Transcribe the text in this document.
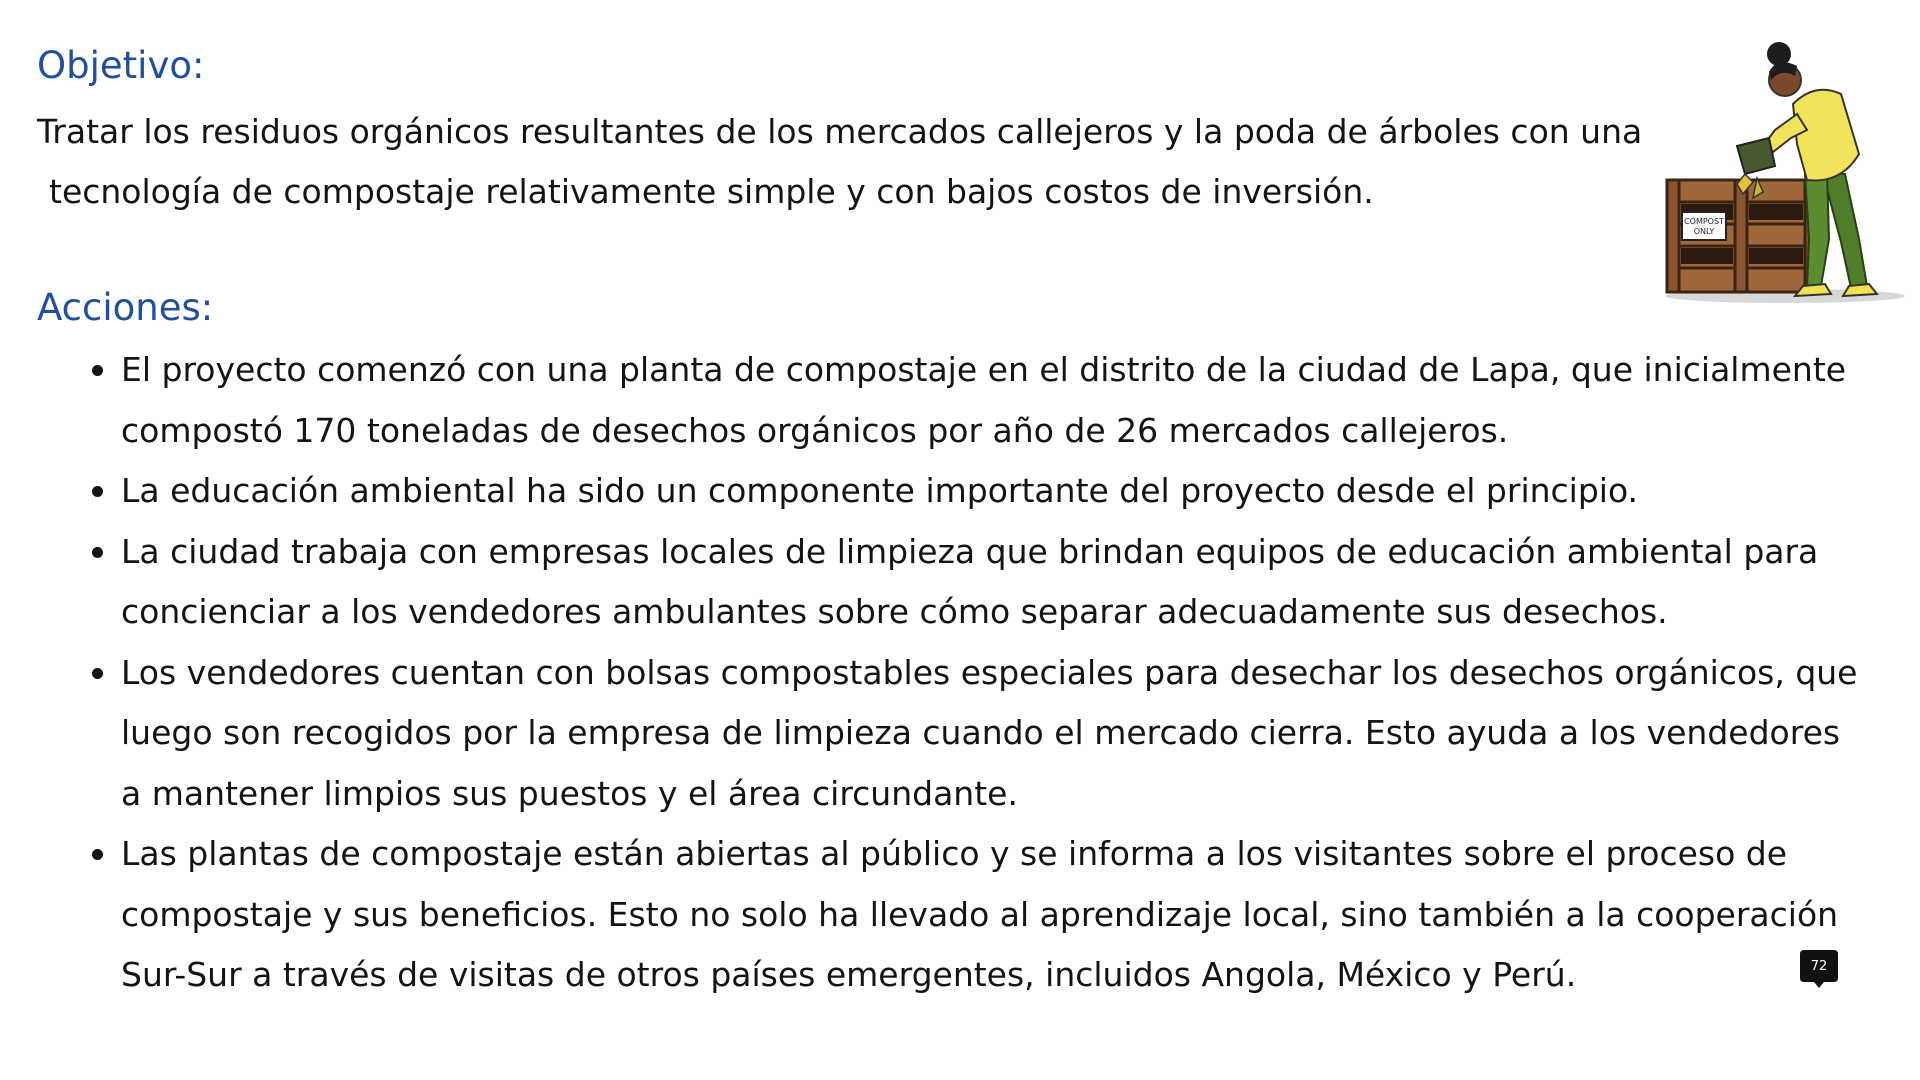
Objetivo:

Tratar los residuos orgánicos resultantes de los mercados callejeros y la poda de árboles con una
tecnología de compostaje relativamente simple y con bajos costos de inversión.

Acciones:
El proyecto comenzó con una planta de compostaje en el distrito de la ciudad de Lapa, que inicialmente
compostó 170 toneladas de desechos orgánicos por año de 26 mercados callejeros.
La educación ambiental ha sido un componente importante del proyecto desde el principio.
La ciudad trabaja con empresas locales de limpieza que brindan equipos de educación ambiental para
concienciar a los vendedores ambulantes sobre cómo separar adecuadamente sus desechos.
Los vendedores cuentan con bolsas compostables especiales para desechar los desechos orgánicos, que
luego son recogidos por la empresa de limpieza cuando el mercado cierra. Esto ayuda a los vendedores
a mantener limpios sus puestos y el área circundante.
Las plantas de compostaje están abiertas al público y se informa a los visitantes sobre el proceso de
compostaje y sus beneficios. Esto no solo ha llevado al aprendizaje local, sino también a la cooperación
Sur-Sur a través de visitas de otros países emergentes, incluidos Angola, México y Perú.
COMPOST
ONLY
72
